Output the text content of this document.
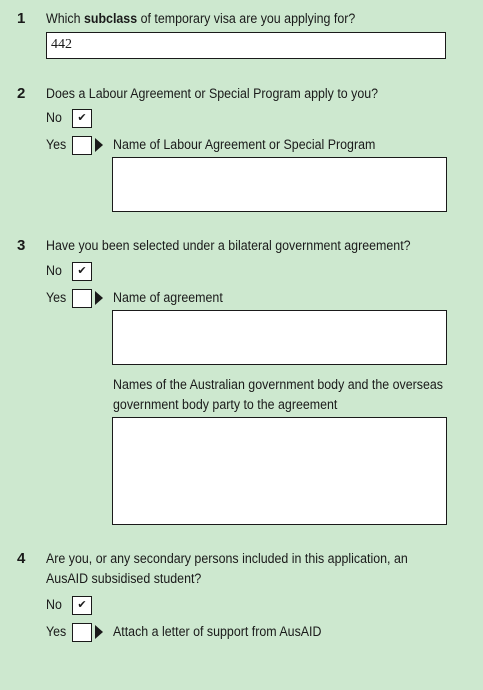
1 Which subclass of temporary visa are you applying for?
442
2 Does a Labour Agreement or Special Program apply to you?
No	✔
Yes	Name of Labour Agreement or Special Program
3 Have you been selected under a bilateral government agreement?
No	✔
Yes	Name of agreement
Names of the Australian government body and the overseas
government body party to the agreement
4 Are you, or any secondary persons included in this application, an
AusAID subsidised student?
No	✔
Yes	Attach a letter of support from AusAID
